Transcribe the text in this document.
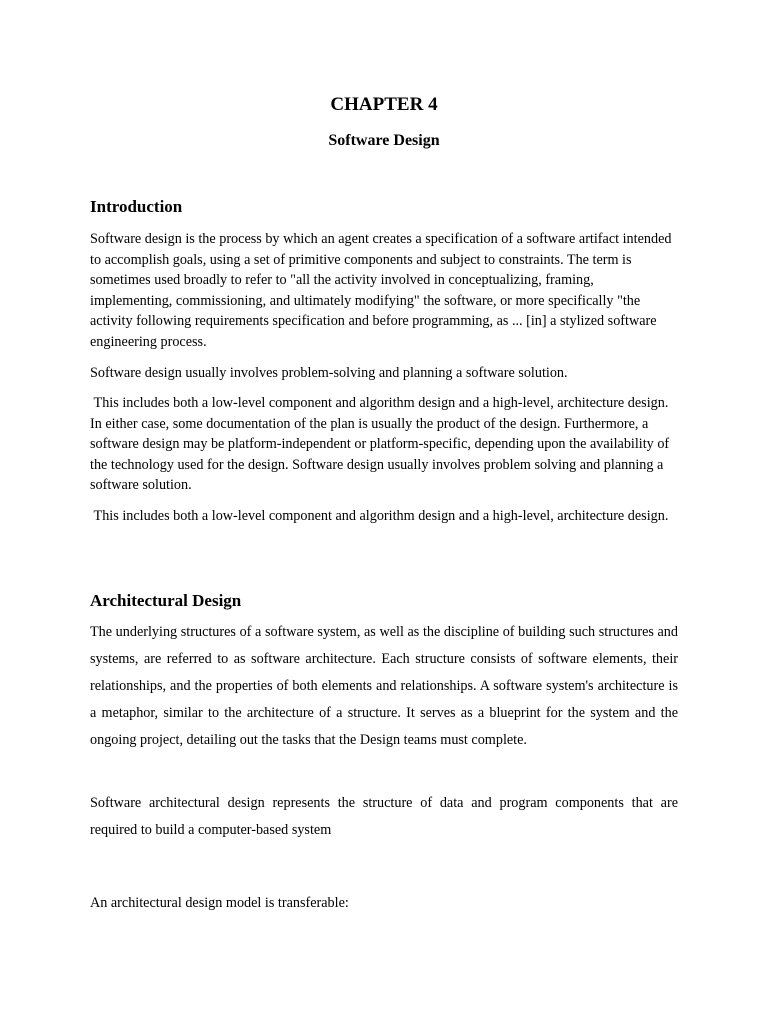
CHAPTER 4
Software Design
Introduction

Software design is the process by which an agent creates a specification of a software artifact intended to accomplish goals, using a set of primitive components and subject to constraints. The term is sometimes used broadly to refer to "all the activity involved in conceptualizing, framing, implementing, commissioning, and ultimately modifying" the software, or more specifically "the activity following requirements specification and before programming, as ... [in] a stylized software engineering process.

Software design usually involves problem-solving and planning a software solution.

This includes both a low-level component and algorithm design and a high-level, architecture design. In either case, some documentation of the plan is usually the product of the design. Furthermore, a software design may be platform-independent or platform-specific, depending upon the availability of the technology used for the design. Software design usually involves problem solving and planning a software solution.

This includes both a low-level component and algorithm design and a high-level, architecture design.

Architectural Design

The underlying structures of a software system, as well as the discipline of building such structures and systems, are referred to as software architecture. Each structure consists of software elements, their relationships, and the properties of both elements and relationships. A software system's architecture is a metaphor, similar to the architecture of a structure. It serves as a blueprint for the system and the ongoing project, detailing out the tasks that the Design teams must complete.

Software architectural design represents the structure of data and program components that are required to build a computer-based system

An architectural design model is transferable:
